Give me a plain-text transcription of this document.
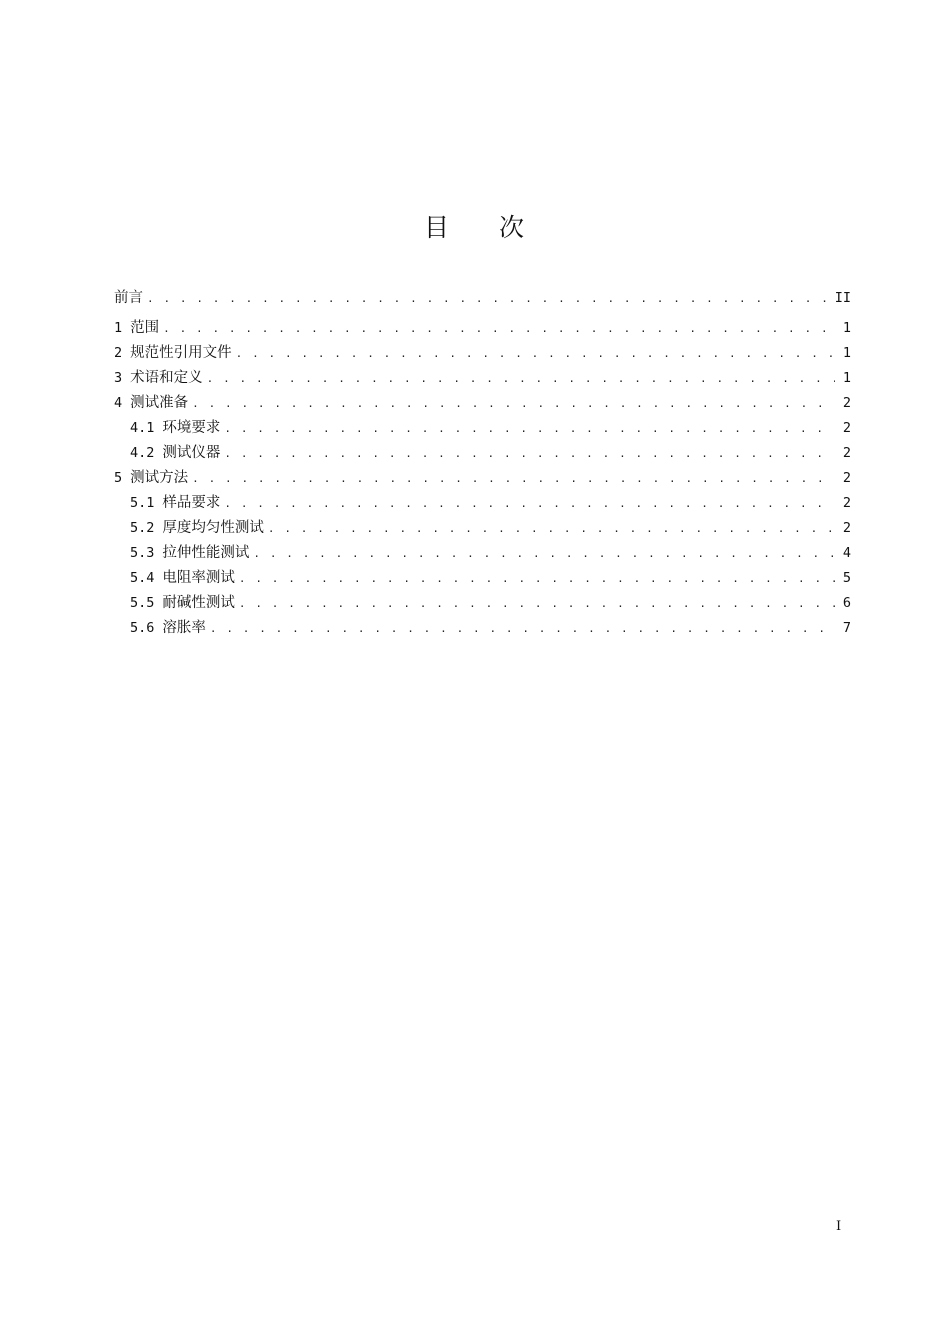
目 次
前言 . . .	II
1 范围 . . .	1
2 规范性引用文件 . . .	1
3 术语和定义 . . .	1
4 测试准备 . . .	2
4.1 环境要求 . . .	2
4.2 测试仪器 . . .	2
5 测试方法 . . .	2
5.1 样品要求 . . .	2
5.2 厚度均匀性测试 . . .	2
5.3 拉伸性能测试 . . .	4
5.4 电阻率测试 . . .	5
5.5 耐碱性测试 . . .	6
5.6 溶胀率 . . .	7
I
